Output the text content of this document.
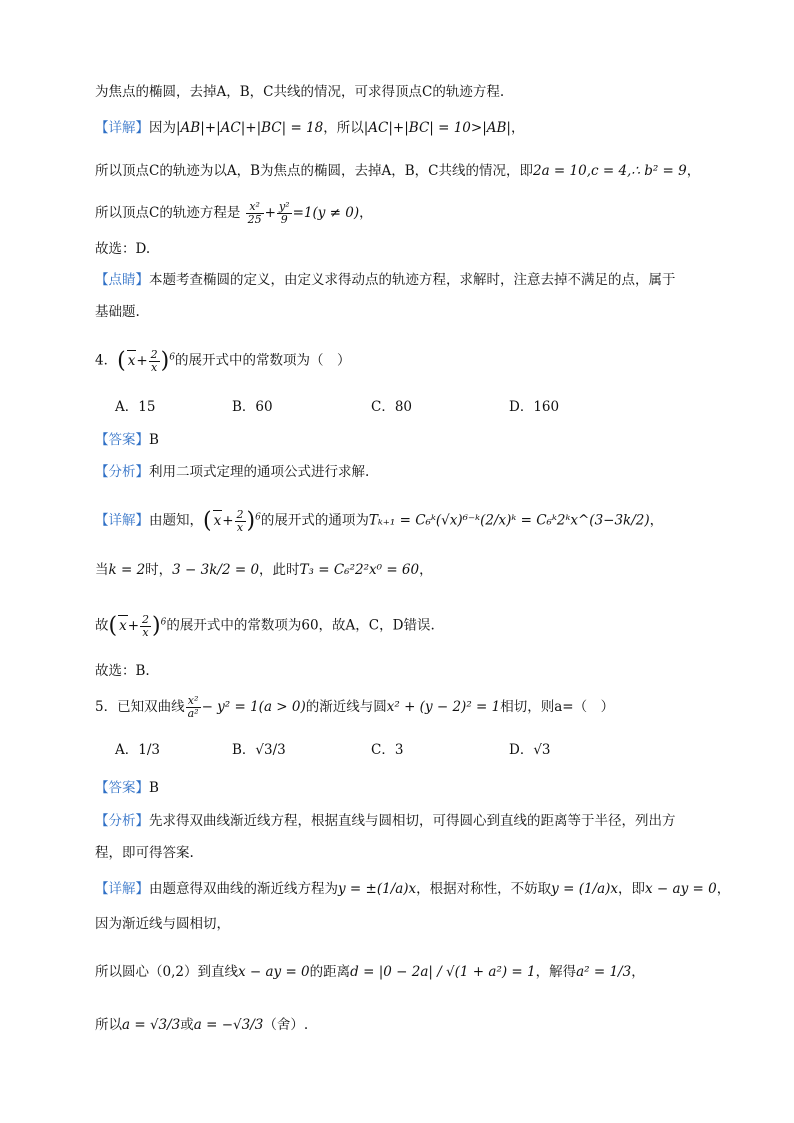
为焦点的椭圆，去掉A，B，C共线的情况，可求得顶点C的轨迹方程.
【详解】因为|AB|+|AC|+|BC| = 18，所以|AC|+|BC| = 10>|AB|，
所以顶点C的轨迹为以A，B为焦点的椭圆，去掉A，B，C共线的情况，即2a = 10,c = 4,∴ b² = 9，
所以顶点C的轨迹方程是 $\frac{\text{x²}}{25} + \frac{\text{y²}}{9} =1(y \ne 0)$，
故选：D.
【点睛】本题考查椭圆的定义，由定义求得动点的轨迹方程，求解时，注意去掉不满足的点，属于
基础题.
4．( $x+ \frac{2}{x} )^6$的展开式中的常数项为（　）
A．15	B．60	C．80	D．160
【答案】B
【分析】利用二项式定理的通项公式进行求解.
【详解】由题知，( $x+ \frac{2}{x} )^6$的展开式的通项为Tₖ₊₁ = C₆ᵏ(√x)⁶⁻ᵏ(2/x)ᵏ = C₆ᵏ2ᵏx^(3−3k/2)，
当k = 2时，3 − 3k/2 = 0，此时T₃ = C₆²2²x⁰ = 60，
故( $x+ \frac{2}{x} )^6$的展开式中的常数项为60，故A，C，D错误.
故选：B.
5．已知双曲线 $\frac{\text{x²}}{\text{a²}} - y^2 = 1(a > 0)$的渐近线与圆x² + (y − 2)² = 1相切，则a=（　）
A．1/3	B．√3/3	C．3	D．√3
【答案】B
【分析】先求得双曲线渐近线方程，根据直线与圆相切，可得圆心到直线的距离等于半径，列出方
程，即可得答案.
【详解】由题意得双曲线的渐近线方程为y = ±(1/a)x，根据对称性，不妨取y = (1/a)x，即x − ay = 0，
因为渐近线与圆相切，
所以圆心（0,2）到直线x − ay = 0的距离d = |0 − 2a| / √(1 + a²) = 1，解得a² = 1/3，
所以a = √3/3或a = −√3/3（舍）.
